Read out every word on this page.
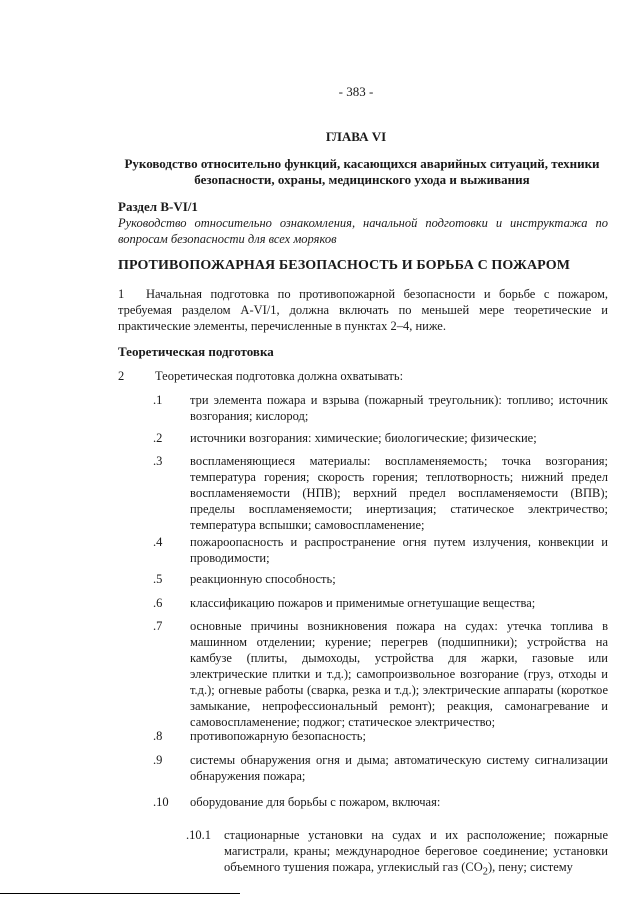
- 383 -
ГЛАВА VI
Руководство относительно функций, касающихся аварийных ситуаций, техники безопасности, охраны, медицинского ухода и выживания
Раздел B-VI/1
Руководство относительно ознакомления, начальной подготовки и инструктажа по вопросам безопасности для всех моряков
ПРОТИВОПОЖАРНАЯ БЕЗОПАСНОСТЬ И БОРЬБА С ПОЖАРОМ
1 Начальная подготовка по противопожарной безопасности и борьбе с пожаром, требуемая разделом A-VI/1, должна включать по меньшей мере теоретические и практические элементы, перечисленные в пунктах 2–4, ниже.
Теоретическая подготовка
2 Теоретическая подготовка должна охватывать:
.1	три элемента пожара и взрыва (пожарный треугольник): топливо; источник возгорания; кислород;
.2	источники возгорания: химические; биологические; физические;
.3	воспламеняющиеся материалы: воспламеняемость; точка возгорания; температура горения; скорость горения; теплотворность; нижний предел воспламеняемости (НПВ); верхний предел воспламеняемости (ВПВ); пределы воспламеняемости; инертизация; статическое электричество; температура вспышки; самовоспламенение;
.4	пожароопасность и распространение огня путем излучения, конвекции и проводимости;
.5	реакционную способность;
.6	классификацию пожаров и применимые огнетушащие вещества;
.7	основные причины возникновения пожара на судах: утечка топлива в машинном отделении; курение; перегрев (подшипники); устройства на камбузе (плиты, дымоходы, устройства для жарки, газовые или электрические плитки и т.д.); самопроизвольное возгорание (груз, отходы и т.д.); огневые работы (сварка, резка и т.д.); электрические аппараты (короткое замыкание, непрофессиональный ремонт); реакция, самонагревание и самовоспламенение; поджог; статическое электричество;
.8	противопожарную безопасность;
.9	системы обнаружения огня и дыма; автоматическую систему сигнализации обнаружения пожара;
.10	оборудование для борьбы с пожаром, включая:
.10.1	стационарные установки на судах и их расположение; пожарные магистрали, краны; международное береговое соединение; установки объемного тушения пожара, углекислый газ $(CO_2)$, пену; систему
